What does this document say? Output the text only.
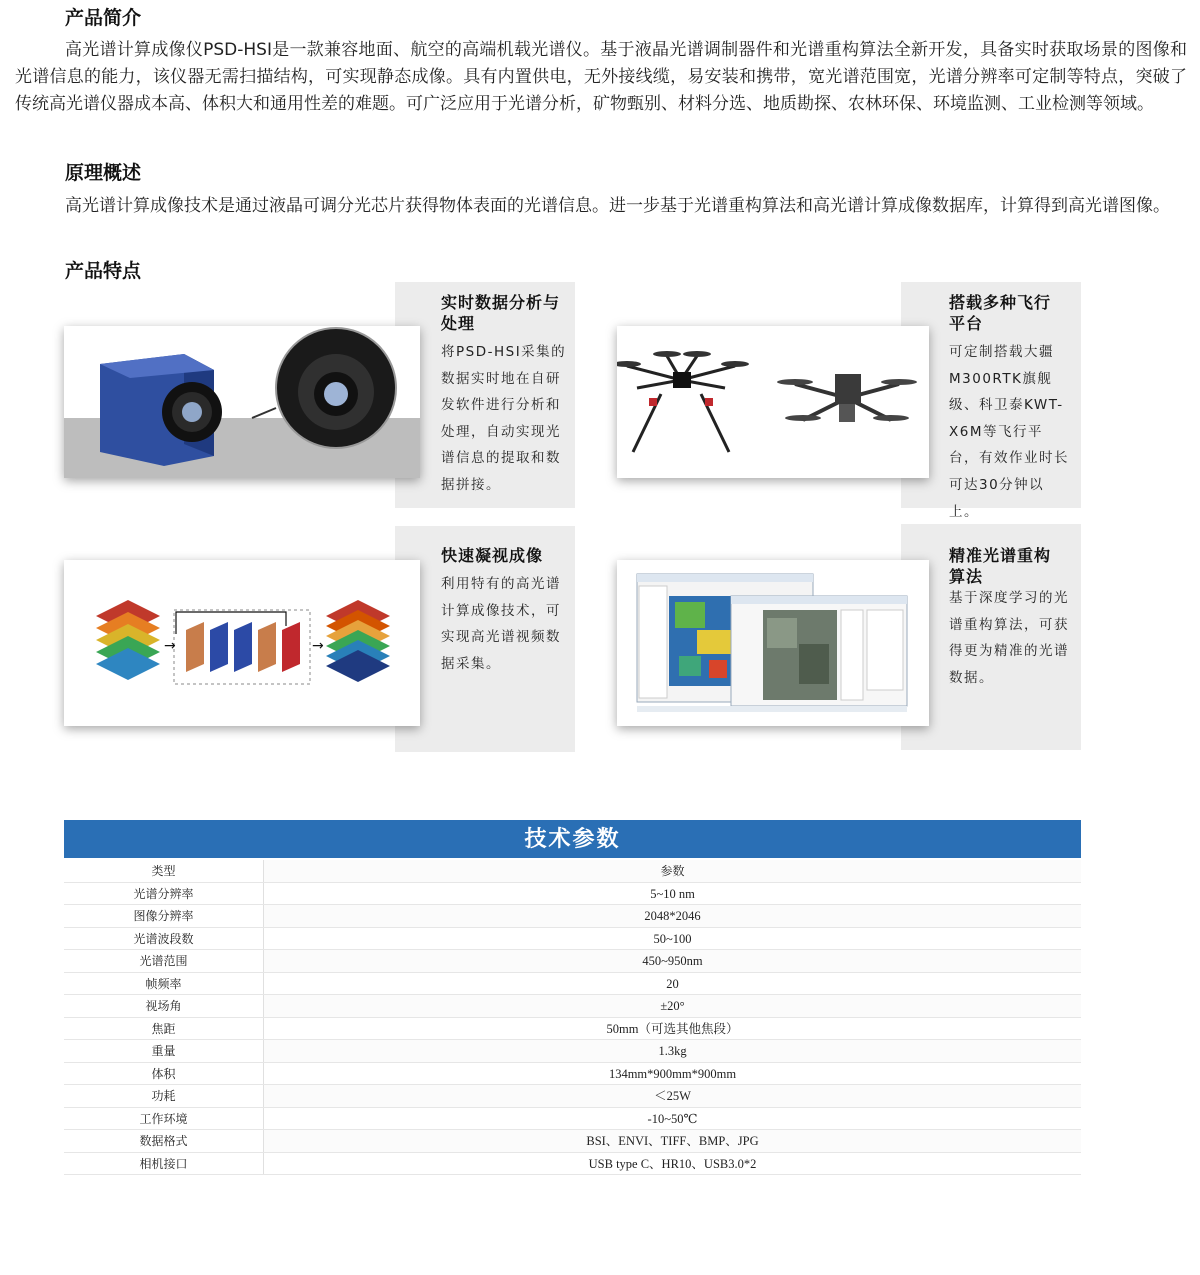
产品简介
高光谱计算成像仪PSD-HSI是一款兼容地面、航空的高端机载光谱仪。基于液晶光谱调制器件和光谱重构算法全新开发，具备实时获取场景的图像和光谱信息的能力，该仪器无需扫描结构，可实现静态成像。具有内置供电，无外接线缆，易安装和携带，宽光谱范围宽，光谱分辨率可定制等特点，突破了传统高光谱仪器成本高、体积大和通用性差的难题。可广泛应用于光谱分析，矿物甄别、材料分选、地质勘探、农林环保、环境监测、工业检测等领域。
原理概述
高光谱计算成像技术是通过液晶可调分光芯片获得物体表面的光谱信息。进一步基于光谱重构算法和高光谱计算成像数据库，计算得到高光谱图像。
产品特点
实时数据分析与处理
将PSD-HSI采集的数据实时地在自研发软件进行分析和处理，自动实现光谱信息的提取和数据拼接。
搭载多种飞行平台
可定制搭载大疆M300RTK旗舰级、科卫泰KWT-X6M等飞行平台，有效作业时长可达30分钟以上。
→	→
快速凝视成像
利用特有的高光谱计算成像技术，可实现高光谱视频数据采集。
精准光谱重构算法
基于深度学习的光谱重构算法，可获得更为精准的光谱数据。
技术参数
类型	参数
光谱分辨率	5~10 nm
图像分辨率	2048*2046
光谱波段数	50~100
光谱范围	450~950nm
帧频率	20
视场角	±20°
焦距	50mm（可选其他焦段）
重量	1.3kg
体积	134mm*900mm*900mm
功耗	＜25W
工作环境	-10~50℃
数据格式	BSI、ENVI、TIFF、BMP、JPG
相机接口	USB type C、HR10、USB3.0*2
